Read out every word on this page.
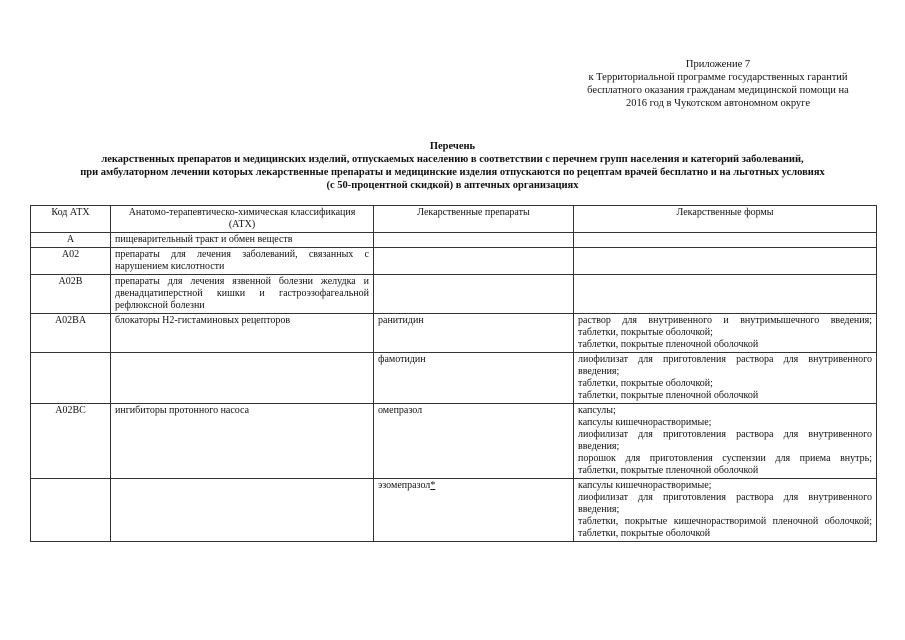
Приложение 7
к Территориальной программе государственных гарантий
бесплатного оказания гражданам медицинской помощи на
2016 год в Чукотском автономном округе
Перечень
лекарственных препаратов и медицинских изделий, отпускаемых населению в соответствии с перечнем групп населения и категорий заболеваний,
при амбулаторном лечении которых лекарственные препараты и медицинские изделия отпускаются по рецептам врачей бесплатно и на льготных условиях
(с 50-процентной скидкой) в аптечных организациях
Код АТХ	Анатомо-терапевтическо-химическая классификация (АТХ)	Лекарственные препараты	Лекарственные формы
A	пищеварительный тракт и обмен веществ		
A02	препараты для лечения заболеваний, связанных с нарушением кислотности		
A02B	препараты для лечения язвенной болезни желудка и двенадцатиперстной кишки и гастроэзофагеальной рефлюксной болезни		
A02BA	блокаторы H2-гистаминовых рецепторов	ранитидин	раствор для внутривенного и внутримышечного введения;
таблетки, покрытые оболочкой;
таблетки, покрытые пленочной оболочкой

		фамотидин	лиофилизат для приготовления раствора для внутривенного введения;
таблетки, покрытые оболочкой;
таблетки, покрытые пленочной оболочкой

A02BC	ингибиторы протонного насоса	омепразол	капсулы;
капсулы кишечнорастворимые;
лиофилизат для приготовления раствора для внутривенного введения;
порошок для приготовления суспензии для приема внутрь;
таблетки, покрытые пленочной оболочкой

		эзомепразол*	капсулы кишечнорастворимые;
лиофилизат для приготовления раствора для внутривенного введения;
таблетки, покрытые кишечнорастворимой пленочной оболочкой;
таблетки, покрытые оболочкой
